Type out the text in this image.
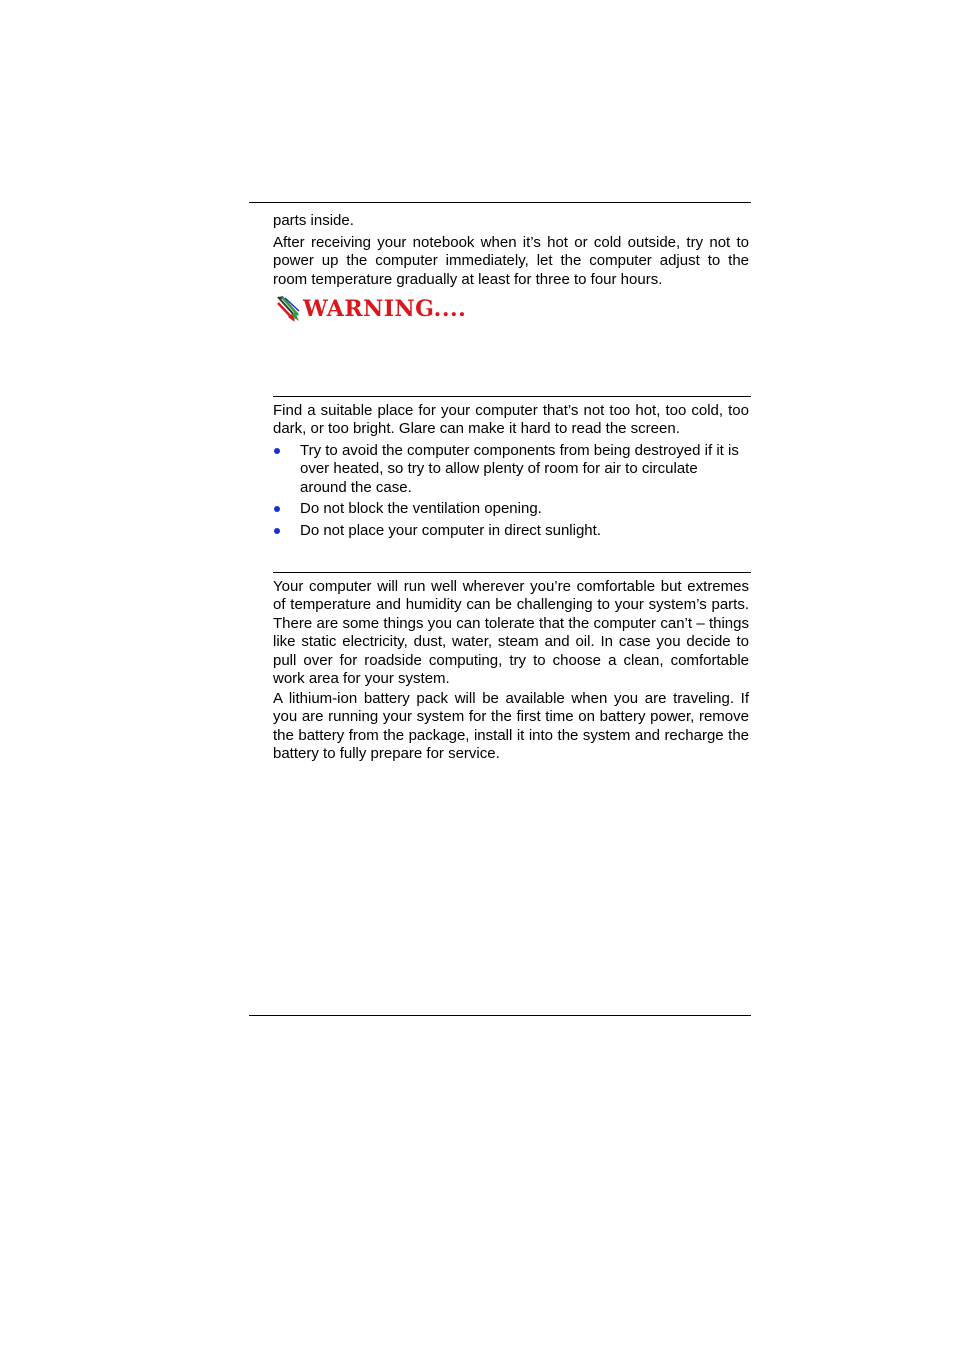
parts inside.

After receiving your notebook when it’s hot or cold outside, try not to power up the computer immediately, let the computer adjust to the room temperature gradually at least for three to four hours.

WARNING....

Find a suitable place for your computer that’s not too hot, too cold, too dark, or too bright. Glare can make it hard to read the screen.

Try to avoid the computer components from being destroyed if it is over heated, so try to allow plenty of room for air to circulate around the case.
Do not block the ventilation opening.
Do not place your computer in direct sunlight.

Your computer will run well wherever you’re comfortable but extremes of temperature and humidity can be challenging to your system’s parts. There are some things you can tolerate that the computer can’t – things like static electricity, dust, water, steam and oil. In case you decide to pull over for roadside computing, try to choose a clean, comfortable work area for your system.

A lithium-ion battery pack will be available when you are traveling. If you are running your system for the first time on battery power, remove the battery from the package, install it into the system and recharge the battery to fully prepare for service.
